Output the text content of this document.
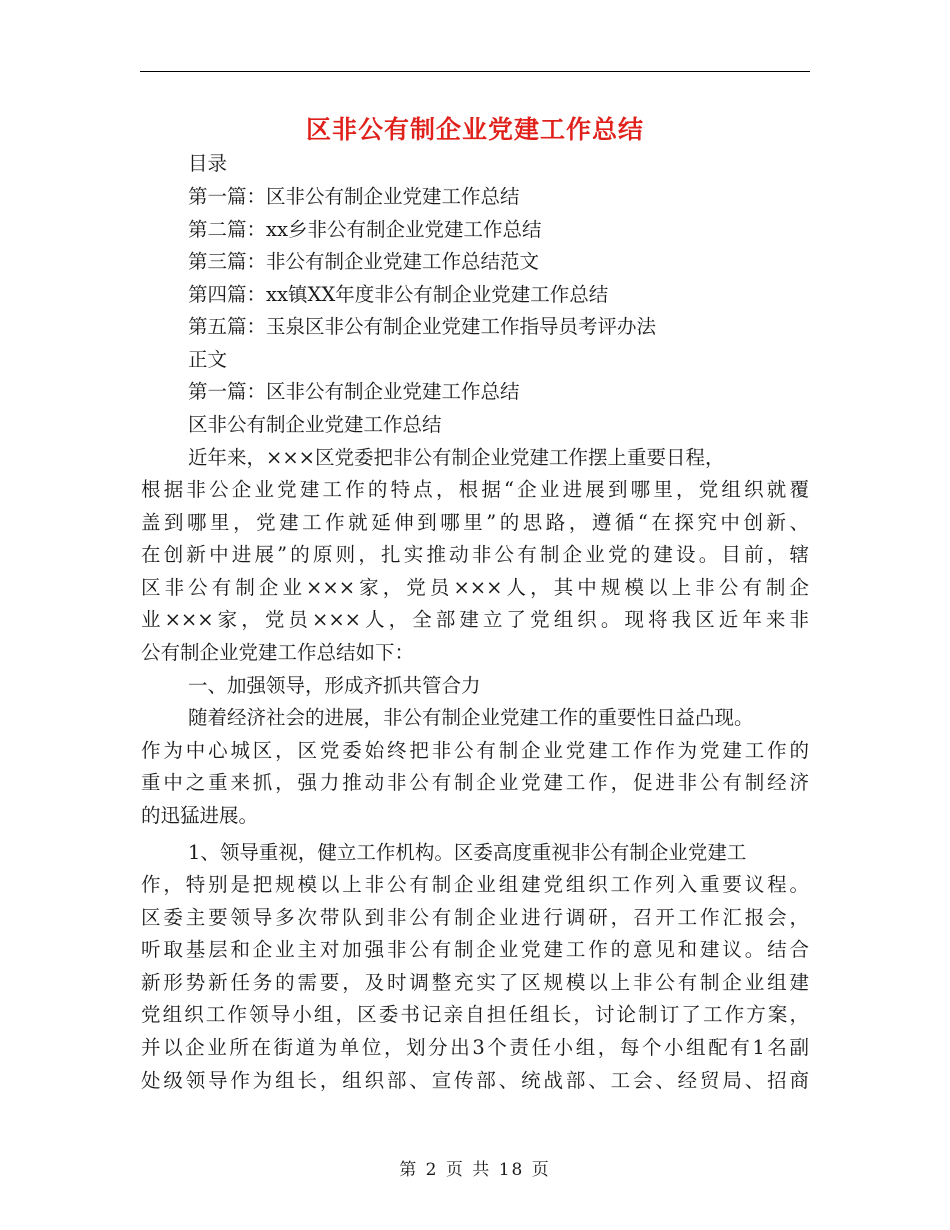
区非公有制企业党建工作总结
目录
第一篇：区非公有制企业党建工作总结
第二篇：xx乡非公有制企业党建工作总结
第三篇：非公有制企业党建工作总结范文
第四篇：xx镇XX年度非公有制企业党建工作总结
第五篇：玉泉区非公有制企业党建工作指导员考评办法
正文
第一篇：区非公有制企业党建工作总结
区非公有制企业党建工作总结
近年来，×××区党委把非公有制企业党建工作摆上重要日程，
根据非公企业党建工作的特点，根据“企业进展到哪里，党组织就覆
盖到哪里，党建工作就延伸到哪里”的思路，遵循“在探究中创新、
在创新中进展”的原则，扎实推动非公有制企业党的建设。目前，辖
区非公有制企业×××家，党员×××人，其中规模以上非公有制企
业×××家，党员×××人，全部建立了党组织。现将我区近年来非
公有制企业党建工作总结如下：
一、加强领导，形成齐抓共管合力
随着经济社会的进展，非公有制企业党建工作的重要性日益凸现。
作为中心城区，区党委始终把非公有制企业党建工作作为党建工作的
重中之重来抓，强力推动非公有制企业党建工作，促进非公有制经济
的迅猛进展。
1、领导重视，健立工作机构。区委高度重视非公有制企业党建工
作，特别是把规模以上非公有制企业组建党组织工作列入重要议程。
区委主要领导多次带队到非公有制企业进行调研，召开工作汇报会，
听取基层和企业主对加强非公有制企业党建工作的意见和建议。结合
新形势新任务的需要，及时调整充实了区规模以上非公有制企业组建
党组织工作领导小组，区委书记亲自担任组长，讨论制订了工作方案，
并以企业所在街道为单位，划分出3个责任小组，每个小组配有1名副
处级领导作为组长，组织部、宣传部、统战部、工会、经贸局、招商
第 2 页 共 18 页
